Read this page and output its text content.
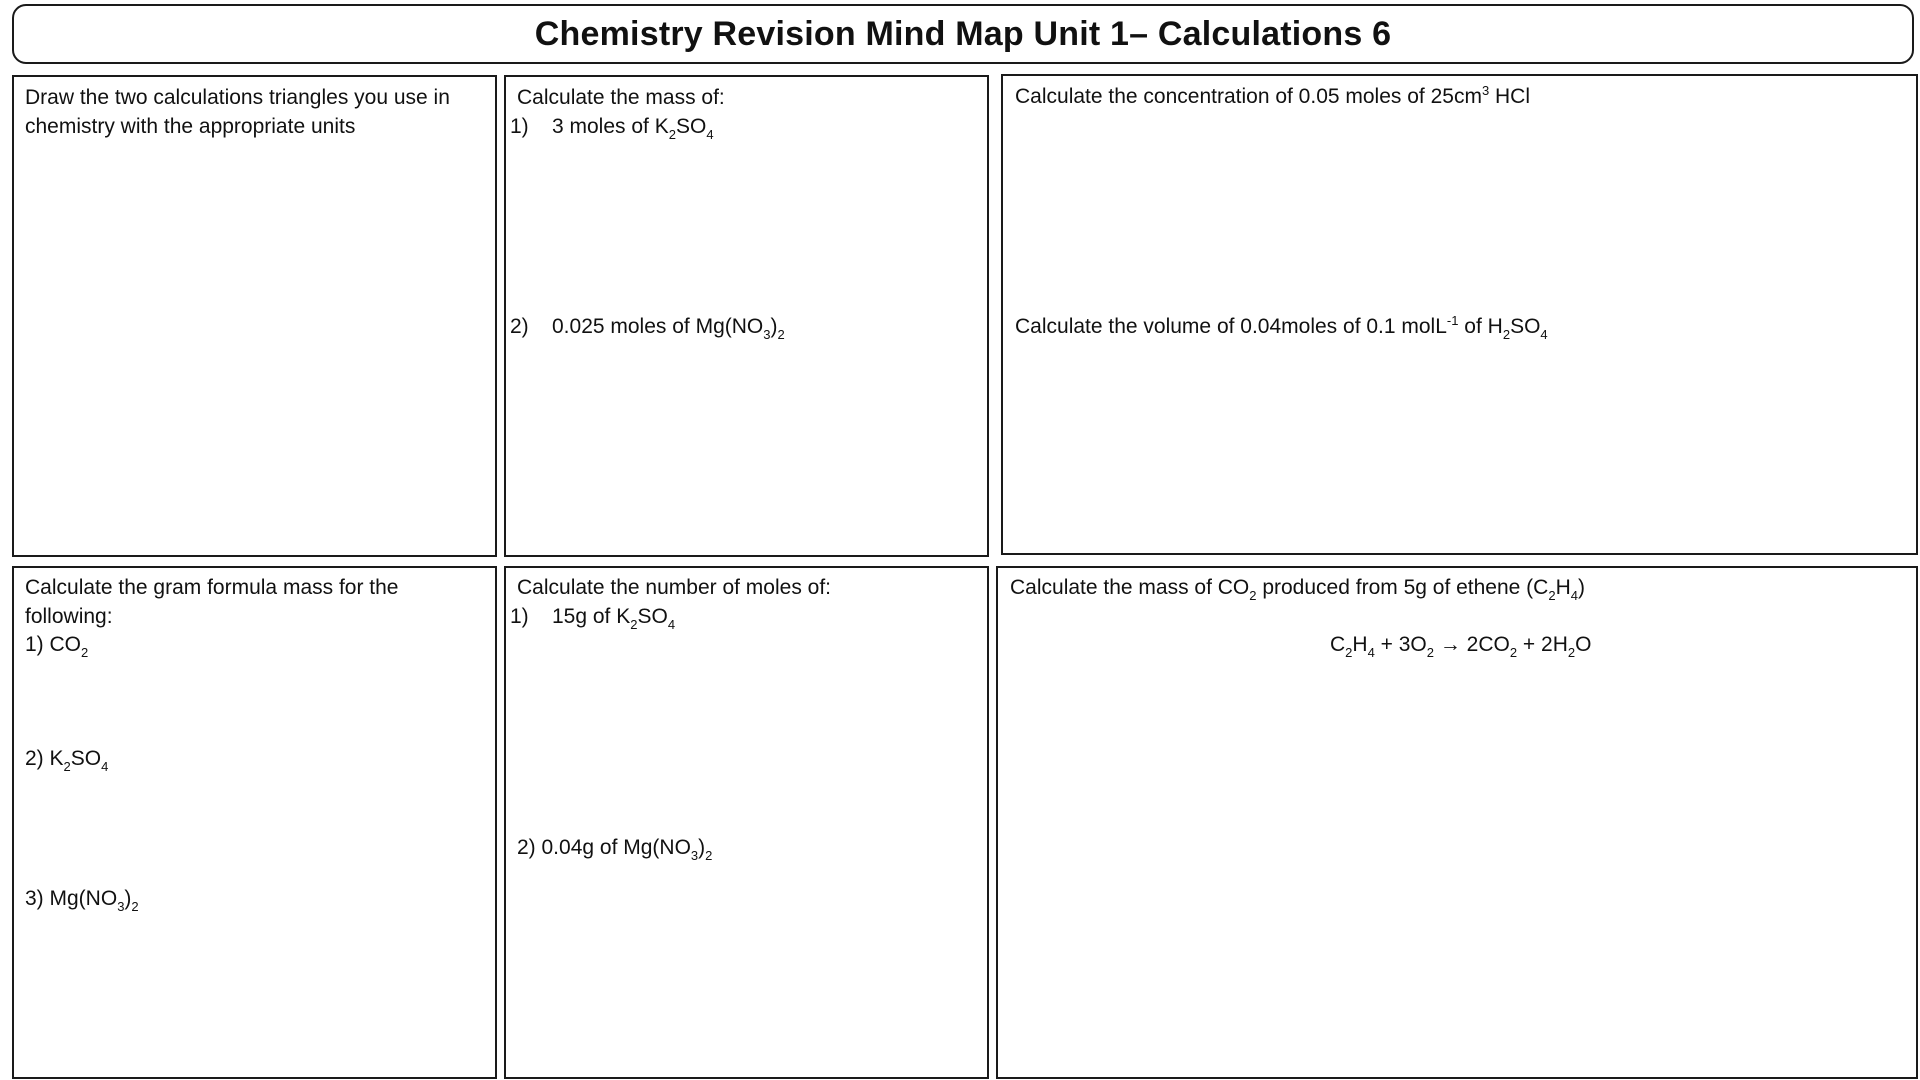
Chemistry Revision Mind Map Unit 1– Calculations 6
Draw the two calculations triangles you use in chemistry with the appropriate units
Calculate the mass of:
1) 3 moles of $K_2SO_4$
2) 0.025 moles of $Mg(NO_3)_2$
Calculate the concentration of 0.05 moles of $25cm^3$ HCl
Calculate the volume of 0.04moles of 0.1 molL$^{-1}$ of $H_2SO_4$
Calculate the gram formula mass for the following:
1) $CO_2$
2) $K_2SO_4$
3) $Mg(NO_3)_2$
Calculate the number of moles of:
1) 15g of $K_2SO_4$
2) 0.04g of $Mg(NO_3)_2$
Calculate the mass of $CO_2$ produced from 5g of ethene $(C_2H_4)$
$C_2H_4 + 3O_2 \to 2CO_2 + 2H_2O$
